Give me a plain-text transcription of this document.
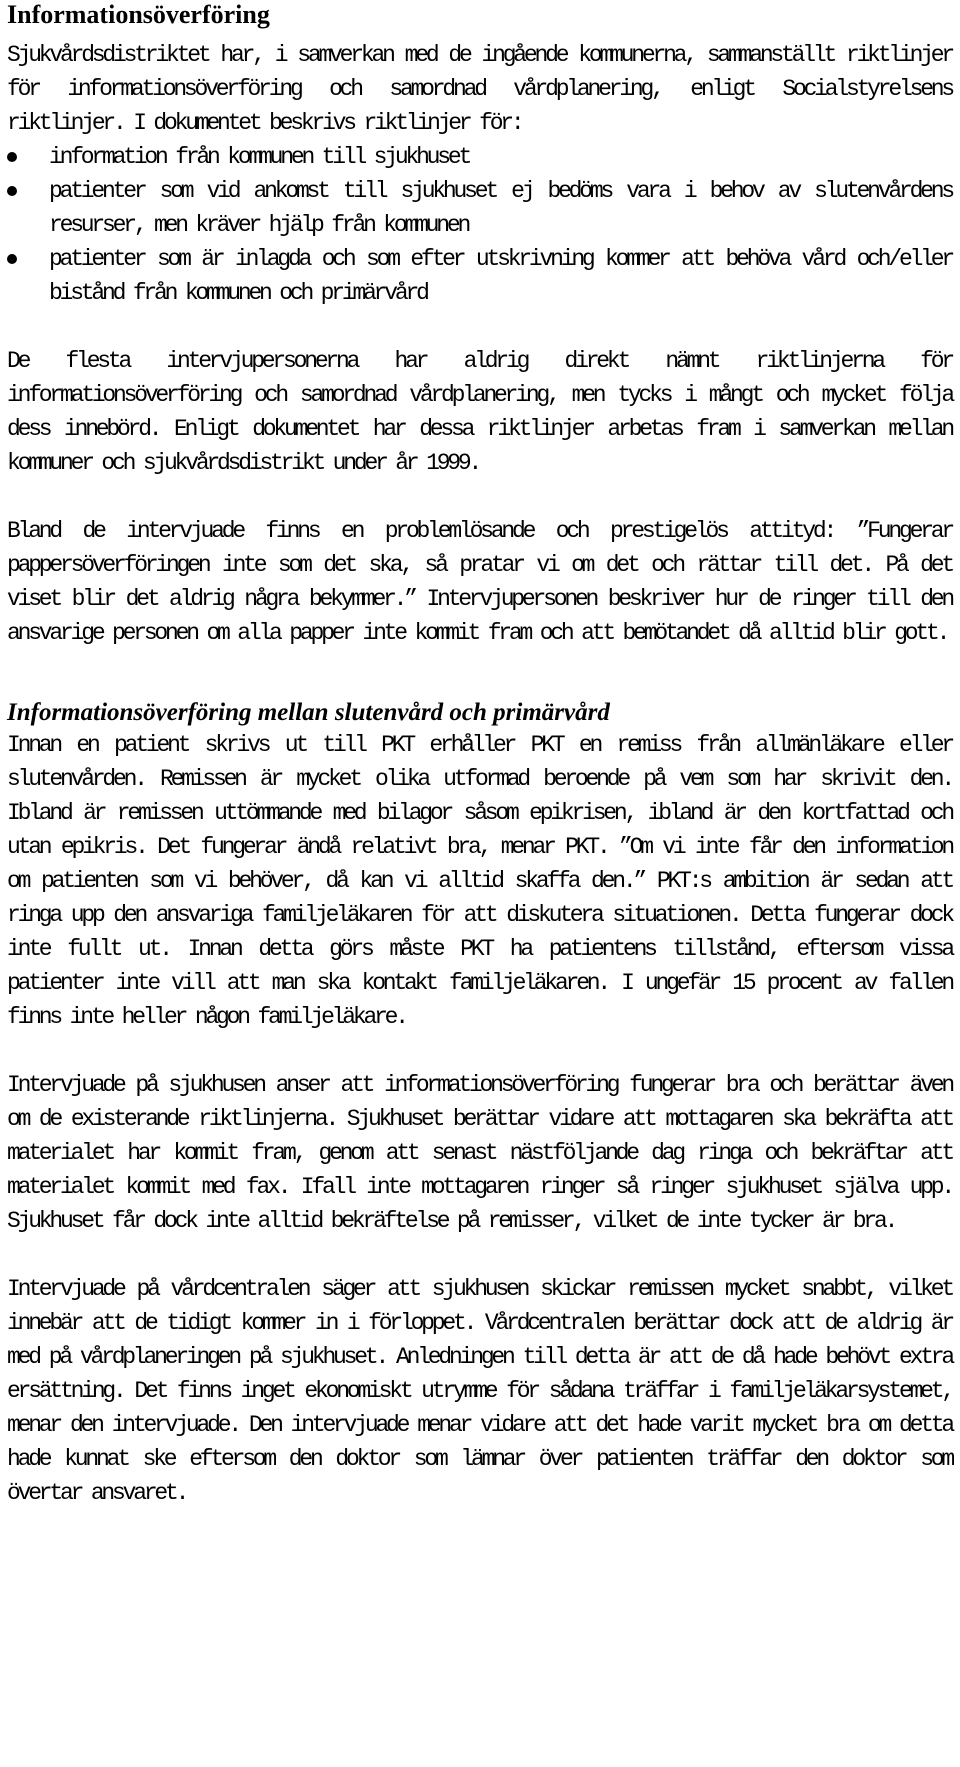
Informationsöverföring

Sjukvårdsdistriktet har, i samverkan med de ingående kommunerna, sammanställt riktlinjer för informationsöverföring och samordnad vårdplanering, enligt Socialstyrelsens riktlinjer. I dokumentet beskrivs riktlinjer för:

information från kommunen till sjukhuset
patienter som vid ankomst till sjukhuset ej bedöms vara i behov av slutenvårdens resurser, men kräver hjälp från kommunen
patienter som är inlagda och som efter utskrivning kommer att behöva vård och/eller bistånd från kommunen och primärvård

De flesta intervjupersonerna har aldrig direkt nämnt riktlinjerna för informationsöverföring och samordnad vårdplanering, men tycks i mångt och mycket följa dess innebörd. Enligt dokumentet har dessa riktlinjer arbetas fram i samverkan mellan kommuner och sjukvårdsdistrikt under år 1999.

Bland de intervjuade finns en problemlösande och prestigelös attityd: ”Fungerar pappersöverföringen inte som det ska, så pratar vi om det och rättar till det. På det viset blir det aldrig några bekymmer.” Intervjupersonen beskriver hur de ringer till den ansvarige personen om alla papper inte kommit fram och att bemötandet då alltid blir gott.

Informationsöverföring mellan slutenvård och primärvård

Innan en patient skrivs ut till PKT erhåller PKT en remiss från allmänläkare eller slutenvården. Remissen är mycket olika utformad beroende på vem som har skrivit den. Ibland är remissen uttömmande med bilagor såsom epikrisen, ibland är den kortfattad och utan epikris. Det fungerar ändå relativt bra, menar PKT. ”Om vi inte får den information om patienten som vi behöver, då kan vi alltid skaffa den.” PKT:s ambition är sedan att ringa upp den ansvariga familjeläkaren för att diskutera situationen. Detta fungerar dock inte fullt ut. Innan detta görs måste PKT ha patientens tillstånd, eftersom vissa patienter inte vill att man ska kontakt familjeläkaren. I ungefär 15 procent av fallen finns inte heller någon familjeläkare.

Intervjuade på sjukhusen anser att informationsöverföring fungerar bra och berättar även om de existerande riktlinjerna. Sjukhuset berättar vidare att mottagaren ska bekräfta att materialet har kommit fram, genom att senast nästföljande dag ringa och bekräftar att materialet kommit med fax. Ifall inte mottagaren ringer så ringer sjukhuset själva upp. Sjukhuset får dock inte alltid bekräftelse på remisser, vilket de inte tycker är bra.

Intervjuade på vårdcentralen säger att sjukhusen skickar remissen mycket snabbt, vilket innebär att de tidigt kommer in i förloppet. Vårdcentralen berättar dock att de aldrig är med på vårdplaneringen på sjukhuset. Anledningen till detta är att de då hade behövt extra ersättning. Det finns inget ekonomiskt utrymme för sådana träffar i familjeläkarsystemet, menar den intervjuade. Den intervjuade menar vidare att det hade varit mycket bra om detta hade kunnat ske eftersom den doktor som lämnar över patienten träffar den doktor som övertar ansvaret.
